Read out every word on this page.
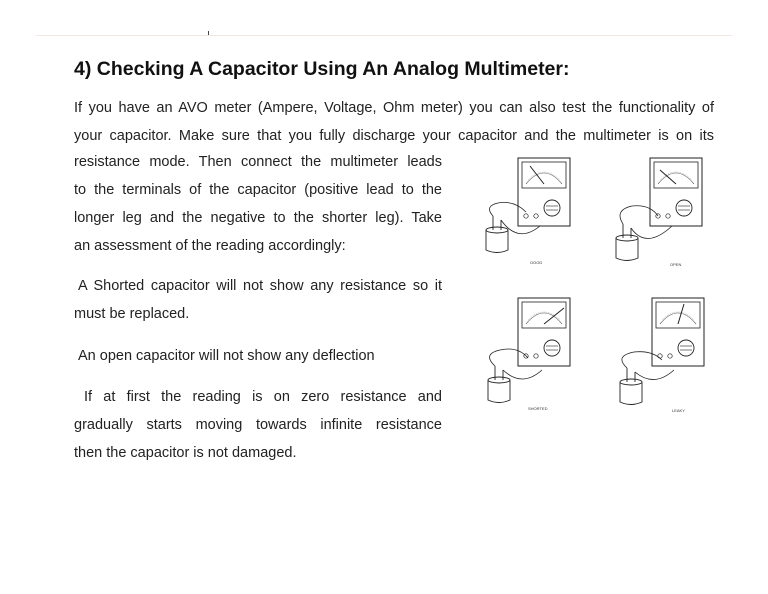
4) Checking A Capacitor Using An Analog Multimeter:

If you have an AVO meter (Ampere, Voltage, Ohm meter) you can also test the functionality of

your capacitor. Make sure that you fully discharge your capacitor and the multimeter is on its

resistance mode. Then connect the multimeter leads

to the terminals of the capacitor (positive lead to the

longer leg and the negative to the shorter leg). Take

an assessment of the reading accordingly:

A Shorted capacitor will not show any resistance so it

must be replaced.

An open capacitor will not show any deflection

If at first the reading is on zero resistance and

gradually starts moving towards infinite resistance

then the capacitor is not damaged.

GOOD	OPEN
SHORTED	LEAKY
